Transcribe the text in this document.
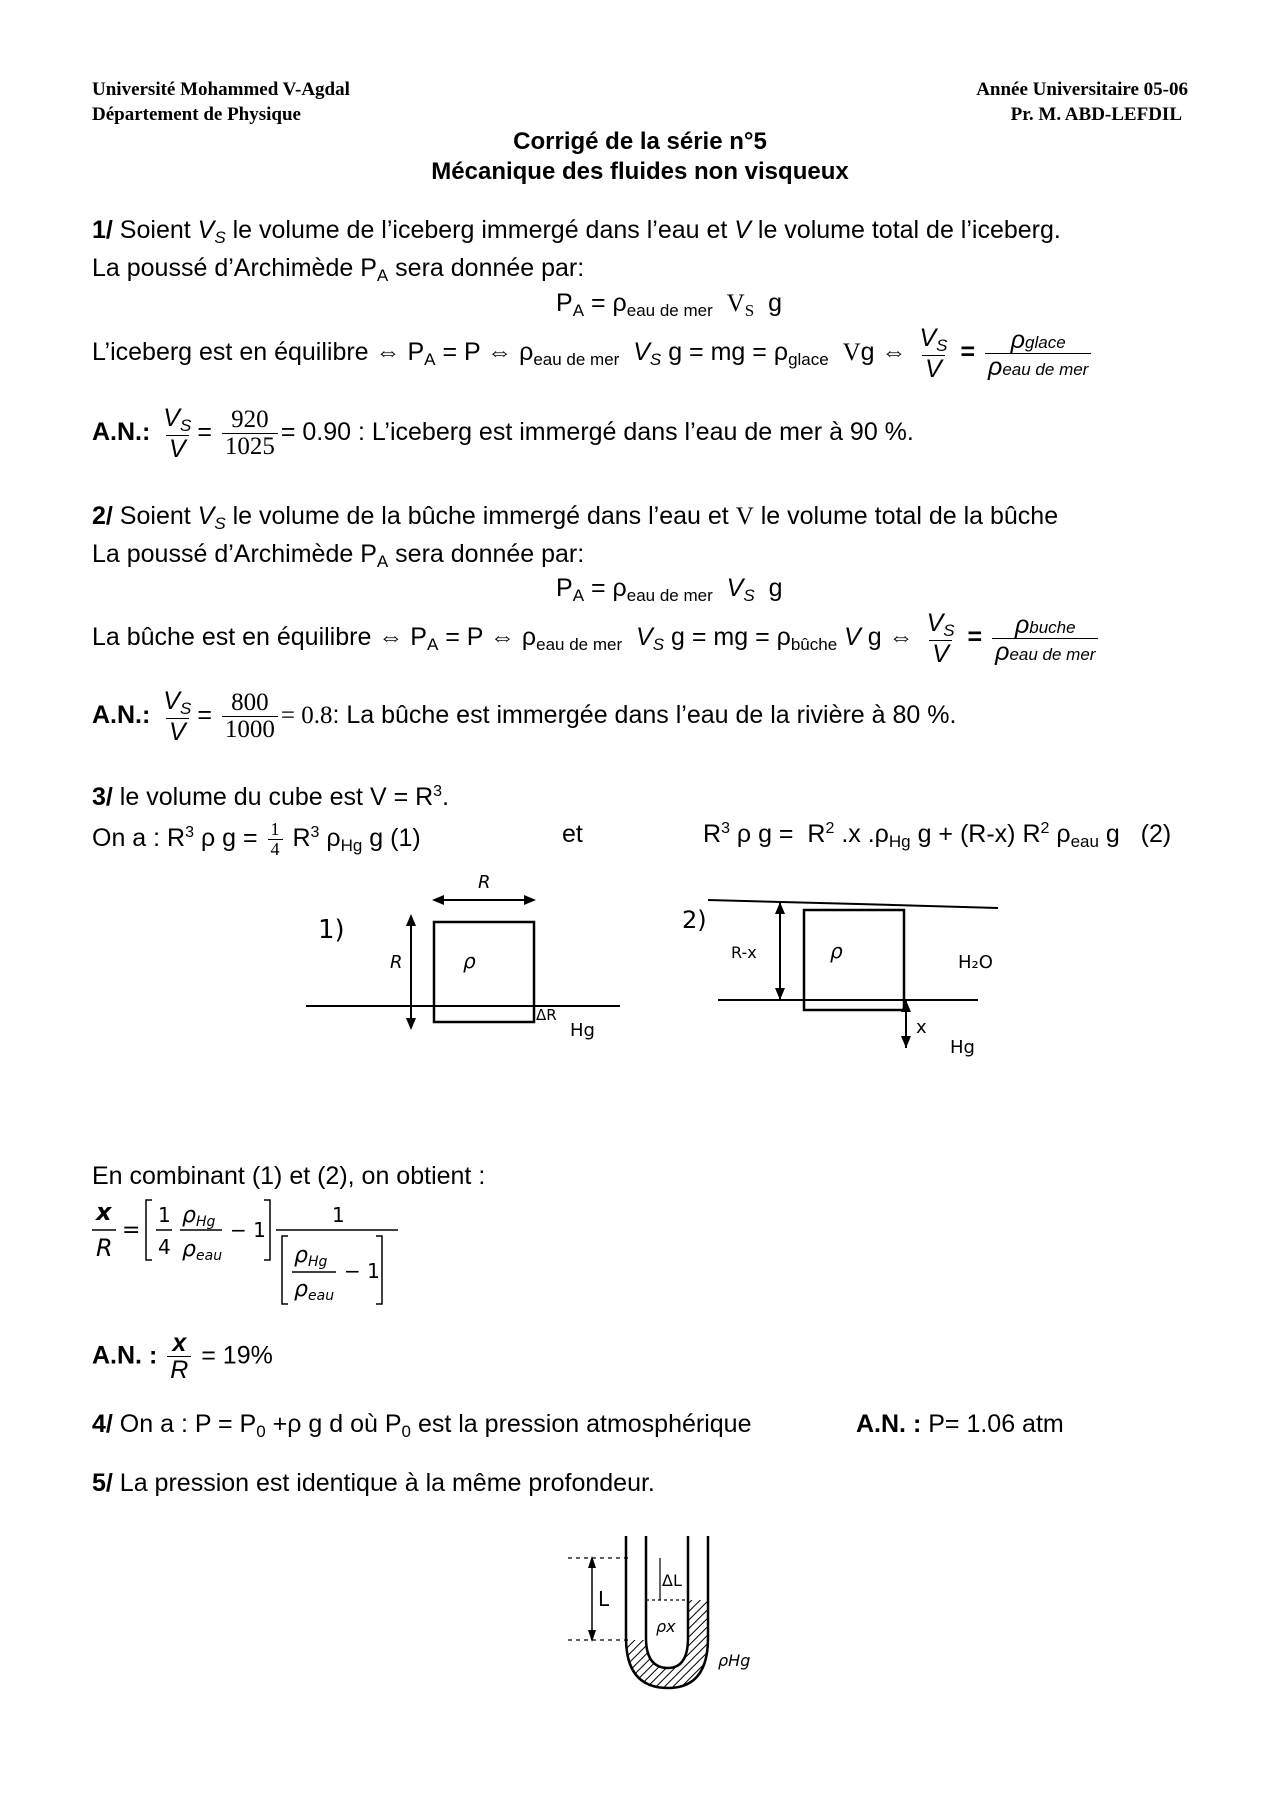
Université Mohammed V-Agdal
Département de Physique
Année Universitaire 05-06
Pr. M. ABD-LEFDIL
Corrigé de la série n°5
Mécanique des fluides non visqueux
1/ Soient $V_S$ le volume de l’iceberg immergé dans l’eau et V le volume total de l’iceberg.
La poussé d’Archimède $P_A$ sera donnée par:
$P_A = \rho_{eau de mer}$ $V_S$  g
L’iceberg est en équilibre ⇔ $P_A = P$ ⇔ $\rho_{eau de mer}$ $V_S$ g = mg = $\rho_{glace}$ Vg ⇔ $\frac{V_S}{V} = \frac{\text{ρglace}}{\text{ρeau de mer}}$
A.N.: $\frac{V_S}{V} = \frac{920}{1025} = 0.90$ : L’iceberg est immergé dans l’eau de mer à 90 %.
2/ Soient $V_S$ le volume de la bûche immergé dans l’eau et V le volume total de la bûche
La poussé d’Archimède $P_A$ sera donnée par:
$P_A = \rho_{eau de mer}$ $V_S$  g
La bûche est en équilibre ⇔ $P_A = P$ ⇔ $\rho_{eau de mer}$ $V_S$ g = mg = $\rho_{bûche}$ V g ⇔ $\frac{V_S}{V} = \frac{\text{ρbuche}}{\text{ρeau de mer}}$
A.N.: $\frac{V_S}{V} = \frac{800}{1000} = 0.8$: La bûche est immergée dans l’eau de la rivière à 80 %.
3/ le volume du cube est $V = R^3$.
On a : $R^3$ ρ $g = \frac{1}{4} R^3$ $\rho_{Hg}$ g (1)	et	$R^3$ ρ $g = R^2$ .x $.\rho_{Hg}$ g + (R-x) $R^2$ $\rho_{eau}$ g   (2)
1)
R
R	ρ
ΔR
Hg
2)
R-x	ρ	H₂O
x
Hg
En combinant (1) et (2), on obtient :
x
R
=
1
4
ρ Hg
ρ eau
− 1
1
ρ Hg
ρ eau
− 1
A.N. : $\frac{x}{R} = 19\%$
4/ On a : $P = P_0 +\rho$ g d où $P_0$ est la pression atmosphérique	A.N. : P= 1.06 atm
5/ La pression est identique à la même profondeur.
L
ΔL
ρx
ρHg
